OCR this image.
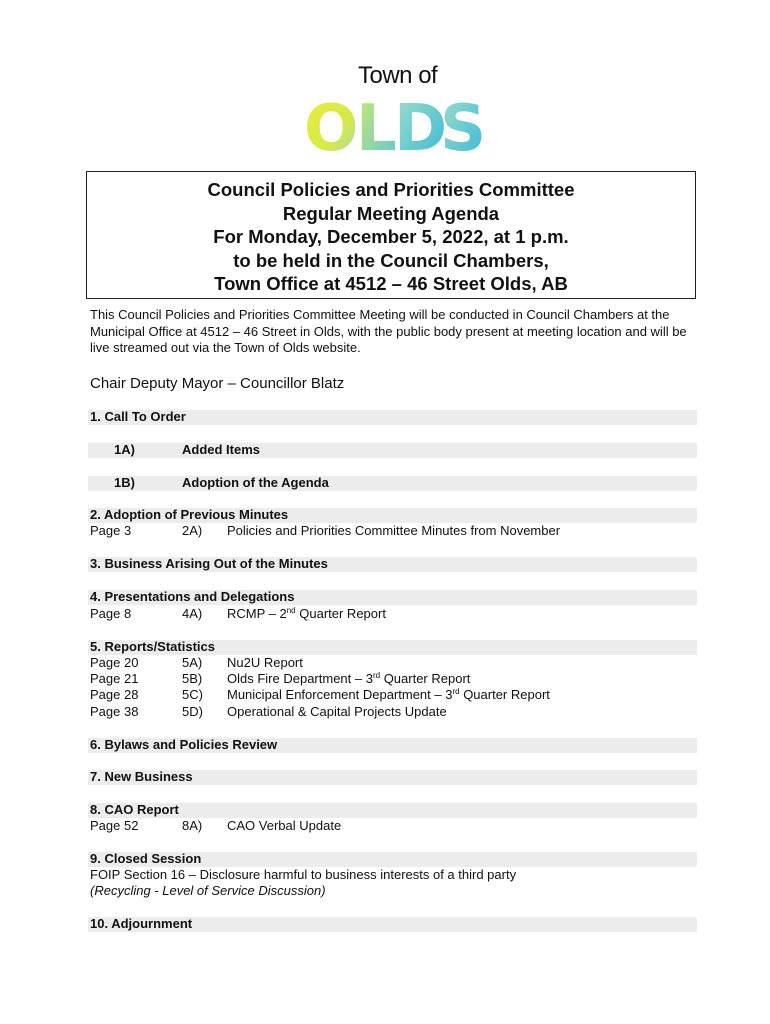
Town of
O L D
S
Council Policies and Priorities Committee
Regular Meeting Agenda
For Monday, December 5, 2022, at 1 p.m.
to be held in the Council Chambers,
Town Office at 4512 – 46 Street Olds, AB
This Council Policies and Priorities Committee Meeting will be conducted in Council Chambers at the Municipal Office at 4512 – 46 Street in Olds, with the public body present at meeting location and will be live streamed out via the Town of Olds website.
Chair Deputy Mayor – Councillor Blatz
1. Call To Order
1A)	Added Items
1B)	Adoption of the Agenda
2. Adoption of Previous Minutes
Page 3	2A) Policies and Priorities Committee Minutes from November
3. Business Arising Out of the Minutes
4. Presentations and Delegations
Page 8	4A) RCMP – 2nd Quarter Report
5. Reports/Statistics
Page 20	5A) Nu2U Report
Page 21	5B) Olds Fire Department – 3rd Quarter Report
Page 28	5C) Municipal Enforcement Department – 3rd Quarter Report
Page 38	5D) Operational & Capital Projects Update
6. Bylaws and Policies Review
7. New Business
8. CAO Report
Page 52	8A) CAO Verbal Update
9. Closed Session
FOIP Section 16 – Disclosure harmful to business interests of a third party
(Recycling - Level of Service Discussion)
10. Adjournment
